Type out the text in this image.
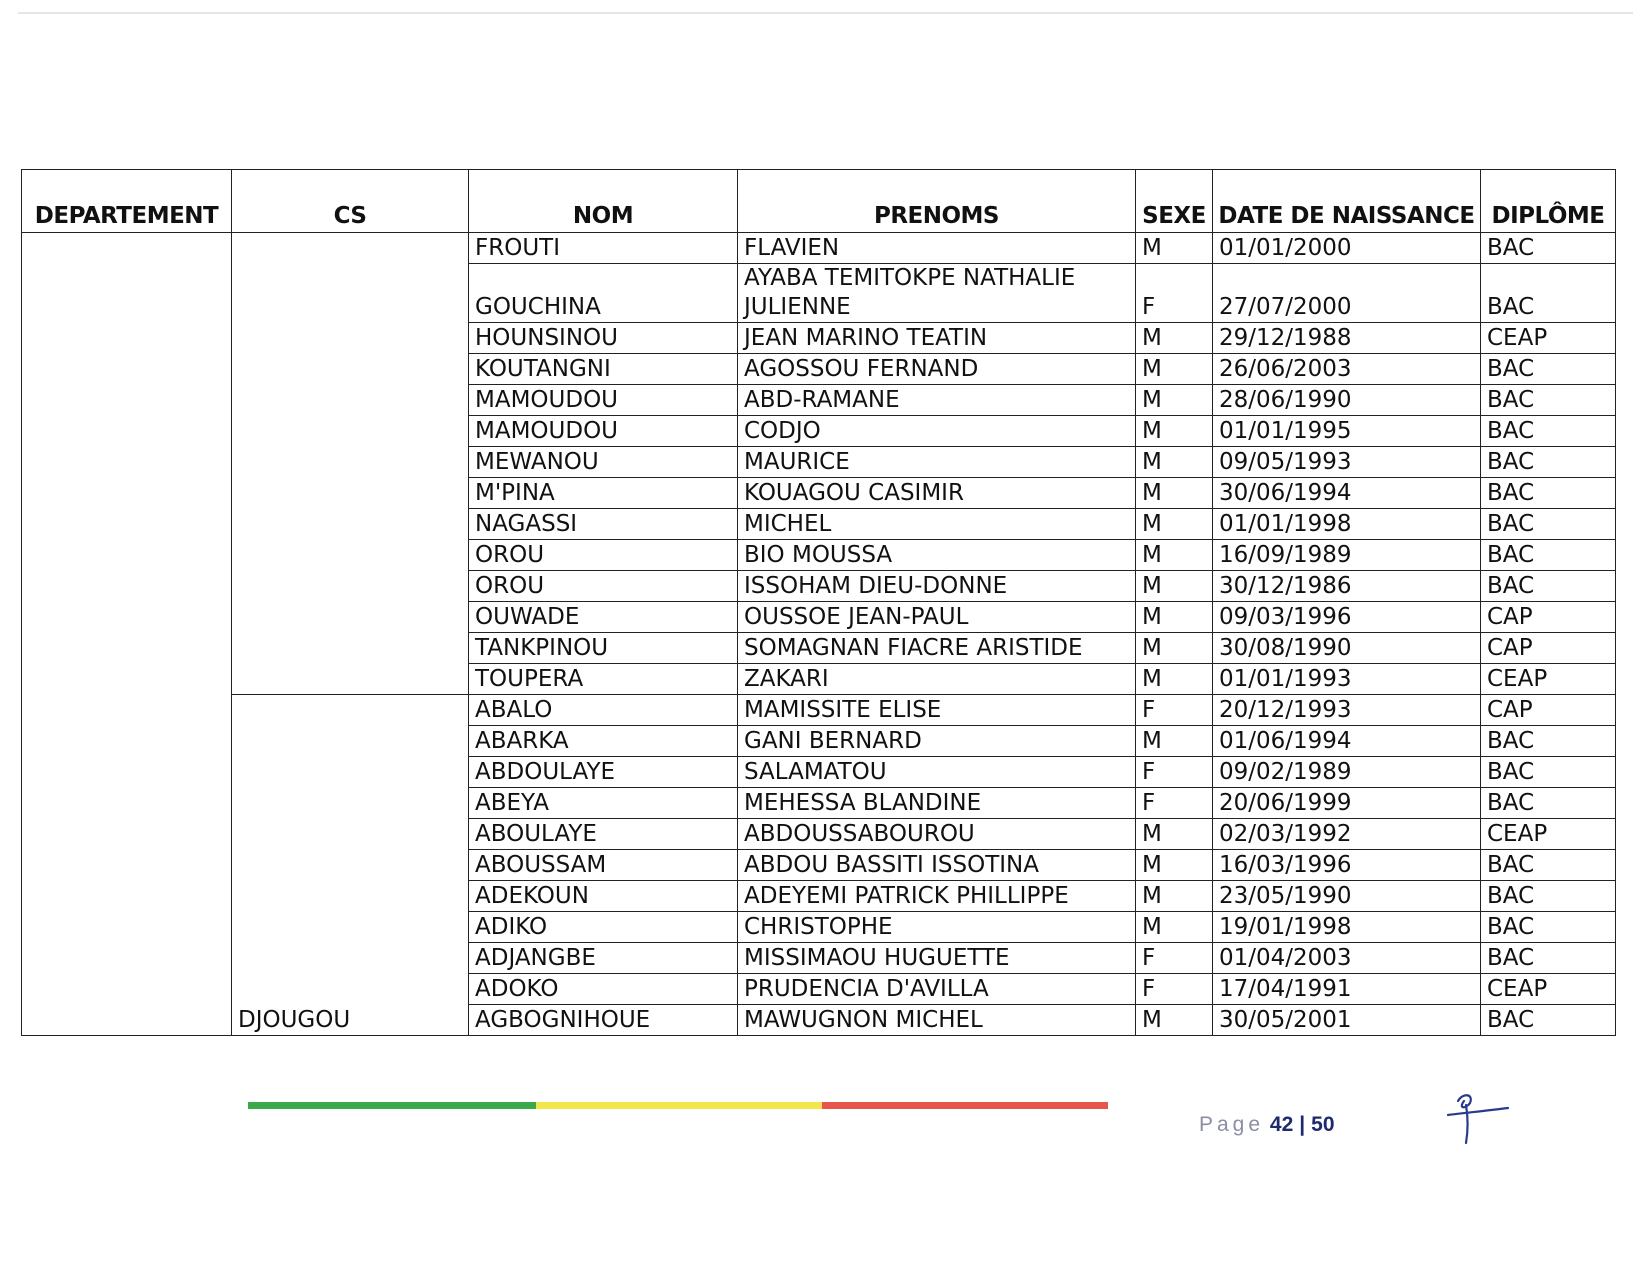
DEPARTEMENT	CS	NOM	PRENOMS	SEXE	DATE DE NAISSANCE	DIPLÔME
		FROUTI	FLAVIEN	M	01/01/2000	BAC
		GOUCHINA	AYABA TEMITOKPE NATHALIE JULIENNE	F	27/07/2000	BAC
		HOUNSINOU	JEAN MARINO TEATIN	M	29/12/1988	CEAP
		KOUTANGNI	AGOSSOU FERNAND	M	26/06/2003	BAC
		MAMOUDOU	ABD-RAMANE	M	28/06/1990	BAC
		MAMOUDOU	CODJO	M	01/01/1995	BAC
		MEWANOU	MAURICE	M	09/05/1993	BAC
		M'PINA	KOUAGOU CASIMIR	M	30/06/1994	BAC
		NAGASSI	MICHEL	M	01/01/1998	BAC
		OROU	BIO MOUSSA	M	16/09/1989	BAC
		OROU	ISSOHAM DIEU-DONNE	M	30/12/1986	BAC
		OUWADE	OUSSOE JEAN-PAUL	M	09/03/1996	CAP
		TANKPINOU	SOMAGNAN FIACRE ARISTIDE	M	30/08/1990	CAP
		TOUPERA	ZAKARI	M	01/01/1993	CEAP
	DJOUGOU	ABALO	MAMISSITE ELISE	F	20/12/1993	CAP
		ABARKA	GANI BERNARD	M	01/06/1994	BAC
		ABDOULAYE	SALAMATOU	F	09/02/1989	BAC
		ABEYA	MEHESSA BLANDINE	F	20/06/1999	BAC
		ABOULAYE	ABDOUSSABOUROU	M	02/03/1992	CEAP
		ABOUSSAM	ABDOU BASSITI ISSOTINA	M	16/03/1996	BAC
		ADEKOUN	ADEYEMI PATRICK PHILLIPPE	M	23/05/1990	BAC
		ADIKO	CHRISTOPHE	M	19/01/1998	BAC
		ADJANGBE	MISSIMAOU HUGUETTE	F	01/04/2003	BAC
		ADOKO	PRUDENCIA D'AVILLA	F	17/04/1991	CEAP
		AGBOGNIHOUE	MAWUGNON MICHEL	M	30/05/2001	BAC
Page 42 | 50
